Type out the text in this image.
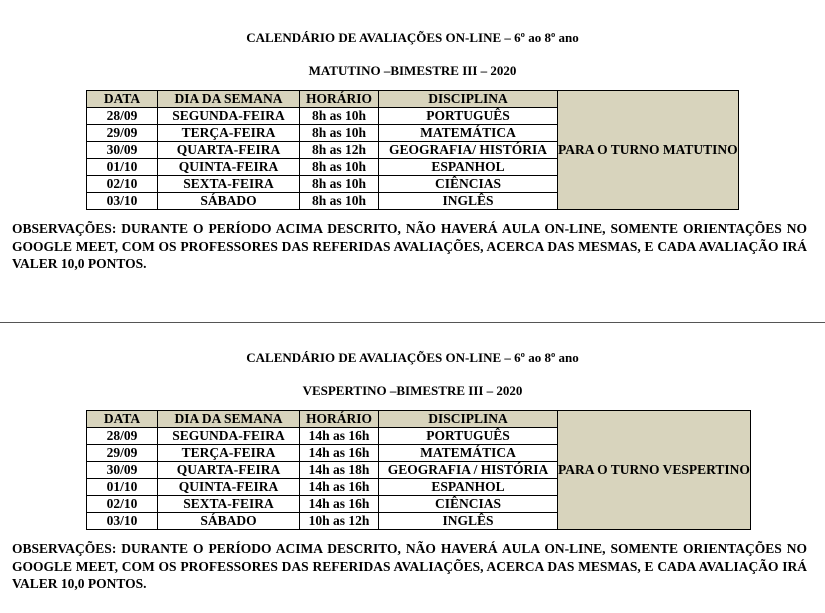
CALENDÁRIO DE AVALIAÇÕES ON-LINE – 6º ao 8º ano
MATUTINO –BIMESTRE III – 2020
DATA	DIA DA SEMANA	HORÁRIO	DISCIPLINA	PARA O TURNO MATUTINO
28/09	SEGUNDA-FEIRA	8h as 10h	PORTUGUÊS	
29/09	TERÇA-FEIRA	8h as 10h	MATEMÁTICA	
30/09	QUARTA-FEIRA	8h as 12h	GEOGRAFIA/ HISTÓRIA	
01/10	QUINTA-FEIRA	8h as 10h	ESPANHOL	
02/10	SEXTA-FEIRA	8h as 10h	CIÊNCIAS	
03/10	SÁBADO	8h as 10h	INGLÊS	
OBSERVAÇÕES: DURANTE O PERÍODO ACIMA DESCRITO, NÃO HAVERÁ AULA ON-LINE, SOMENTE ORIENTAÇÕES NO GOOGLE MEET, COM OS PROFESSORES DAS REFERIDAS AVALIAÇÕES, ACERCA DAS MESMAS, E CADA AVALIAÇÃO IRÁ VALER 10,0 PONTOS.
CALENDÁRIO DE AVALIAÇÕES ON-LINE – 6º ao 8º ano
VESPERTINO –BIMESTRE III – 2020
DATA	DIA DA SEMANA	HORÁRIO	DISCIPLINA	PARA O TURNO VESPERTINO
28/09	SEGUNDA-FEIRA	14h as 16h	PORTUGUÊS	
29/09	TERÇA-FEIRA	14h as 16h	MATEMÁTICA	
30/09	QUARTA-FEIRA	14h as 18h	GEOGRAFIA / HISTÓRIA	
01/10	QUINTA-FEIRA	14h as 16h	ESPANHOL	
02/10	SEXTA-FEIRA	14h as 16h	CIÊNCIAS	
03/10	SÁBADO	10h as 12h	INGLÊS	
OBSERVAÇÕES: DURANTE O PERÍODO ACIMA DESCRITO, NÃO HAVERÁ AULA ON-LINE, SOMENTE ORIENTAÇÕES NO GOOGLE MEET, COM OS PROFESSORES DAS REFERIDAS AVALIAÇÕES, ACERCA DAS MESMAS, E CADA AVALIAÇÃO IRÁ VALER 10,0 PONTOS.
